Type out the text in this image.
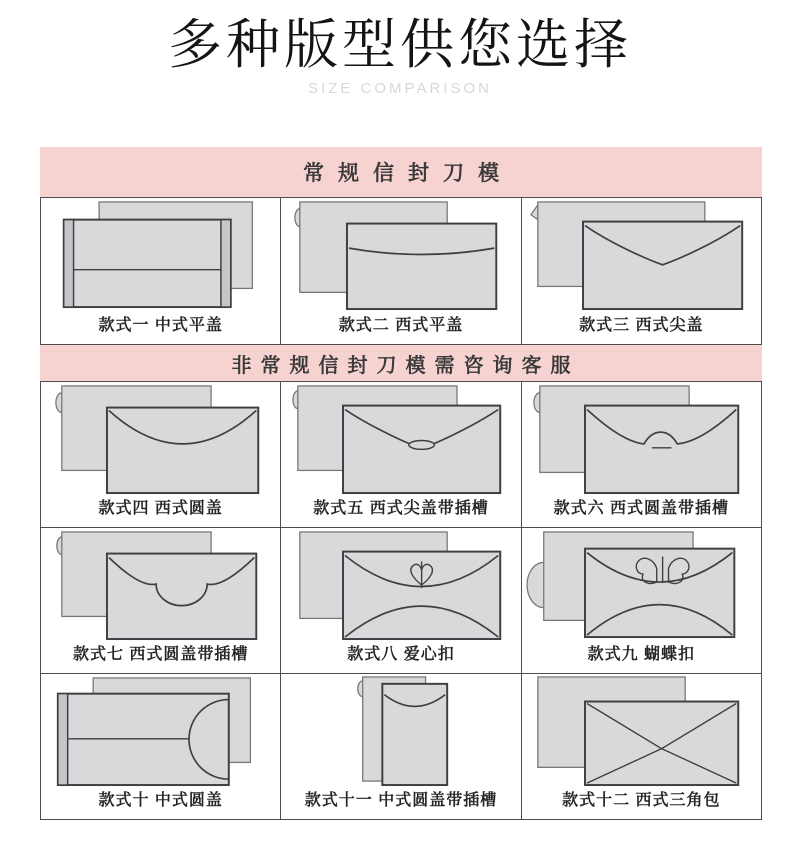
多种版型供您选择
SIZE COMPARISON
常规信封刀模
款式一 中式平盖	款式二 西式平盖	款式三 西式尖盖
非常规信封刀模需咨询客服
款式四 西式圆盖	款式五 西式尖盖带插槽	款式六 西式圆盖带插槽
款式七 西式圆盖带插槽	款式八 爱心扣	款式九 蝴蝶扣
款式十 中式圆盖	款式十一 中式圆盖带插槽	款式十二 西式三角包
